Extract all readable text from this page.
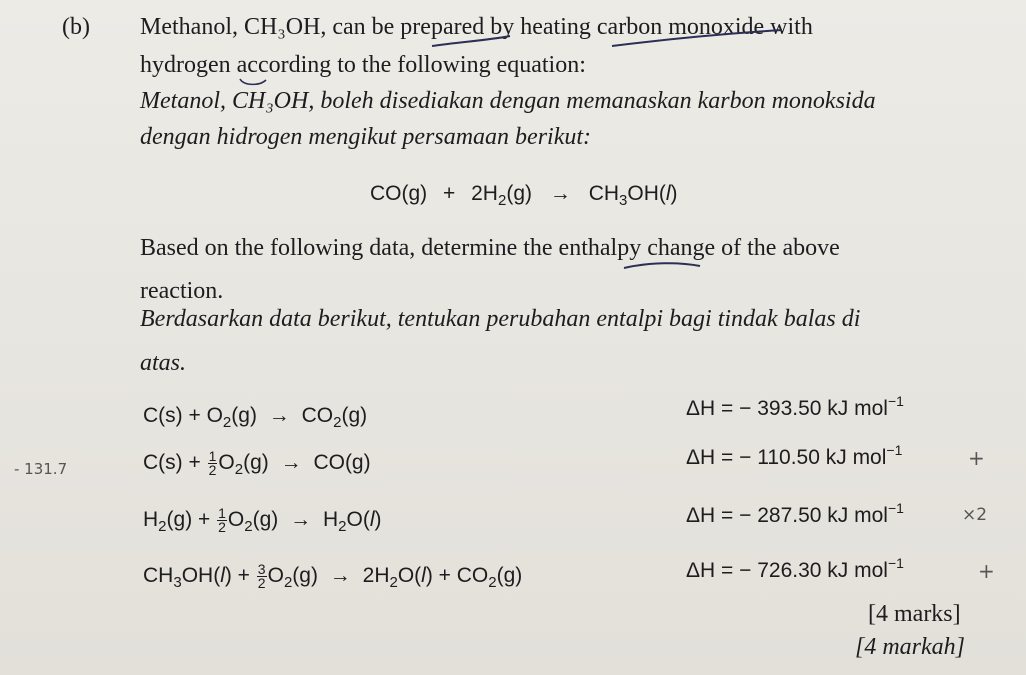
(b) Methanol, CH₃OH, can be prepared by heating carbon monoxide with
hydrogen according to the following equation:
Metanol, CH₃OH, boleh disediakan dengan memanaskan karbon monoksida
dengan hidrogen mengikut persamaan berikut:
$CO(g) + 2H_2(g) \to CH_3OH(l)$
Based on the following data, determine the enthalpy change of the above
reaction.
Berdasarkan data berikut, tentukan perubahan entalpi bagi tindak balas di
atas.
$C(s) + O_2(g) \to CO_2(g)$	ΔH = − 393.50 kJ mol$^{-1}$
$C(s) + \frac{1}{2} O_2(g) \to CO(g)$	ΔH = − 110.50 kJ mol$^{-1}$
$H_2(g) + \frac{1}{2} O_2(g) \to H_2O(l)$	ΔH = − 287.50 kJ mol$^{-1}$
$CH_3OH(l) + \frac{3}{2} O_2(g) \to 2H_2O(l) + CO_2(g)$	ΔH = − 726.30 kJ mol$^{-1}$
[4 marks]
[4 markah]
- 131.7	+
×2
+
